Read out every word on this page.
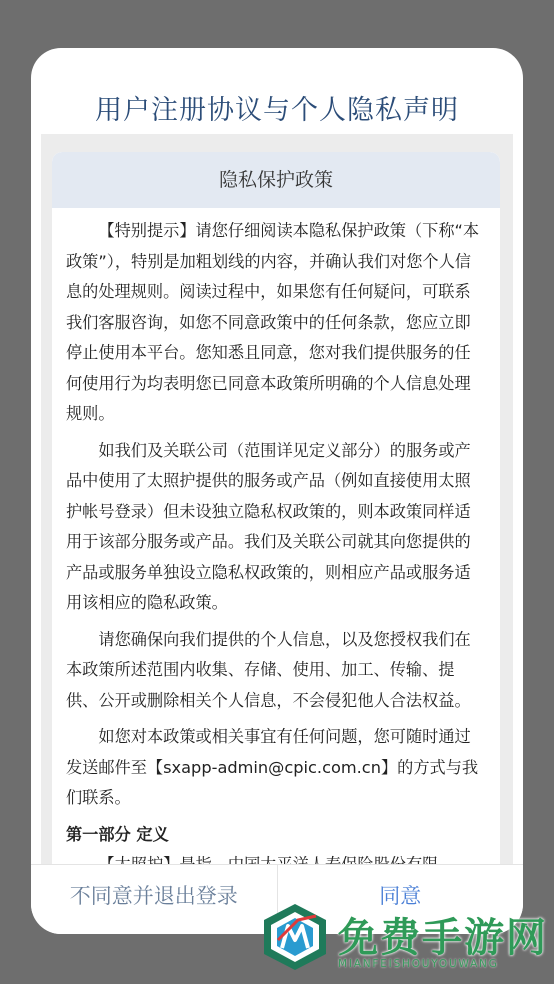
用户注册协议与个人隐私声明
隐私保护政策

【特别提示】请您仔细阅读本隐私保护政策（下称“本政策”），特别是加粗划线的内容，并确认我们对您个人信息的处理规则。阅读过程中，如果您有任何疑问，可联系我们客服咨询，如您不同意政策中的任何条款，您应立即停止使用本平台。您知悉且同意，您对我们提供服务的任何使用行为均表明您已同意本政策所明确的个人信息处理规则。

如我们及关联公司（范围详见定义部分）的服务或产品中使用了太照护提供的服务或产品（例如直接使用太照护帐号登录）但未设独立隐私权政策的，则本政策同样适用于该部分服务或产品。我们及关联公司就其向您提供的产品或服务单独设立隐私权政策的，则相应产品或服务适用该相应的隐私政策。

请您确保向我们提供的个人信息，以及您授权我们在本政策所述范围内收集、存储、使用、加工、传输、提供、公开或删除相关个人信息，不会侵犯他人合法权益。

如您对本政策或相关事宜有任何问题，您可随时通过发送邮件至【sxapp-admin@cpic.com.cn】的方式与我们联系。

第一部分 定义

不同意并退出登录	同意
免费手游网
MIANFEISHOUYOUWANG
